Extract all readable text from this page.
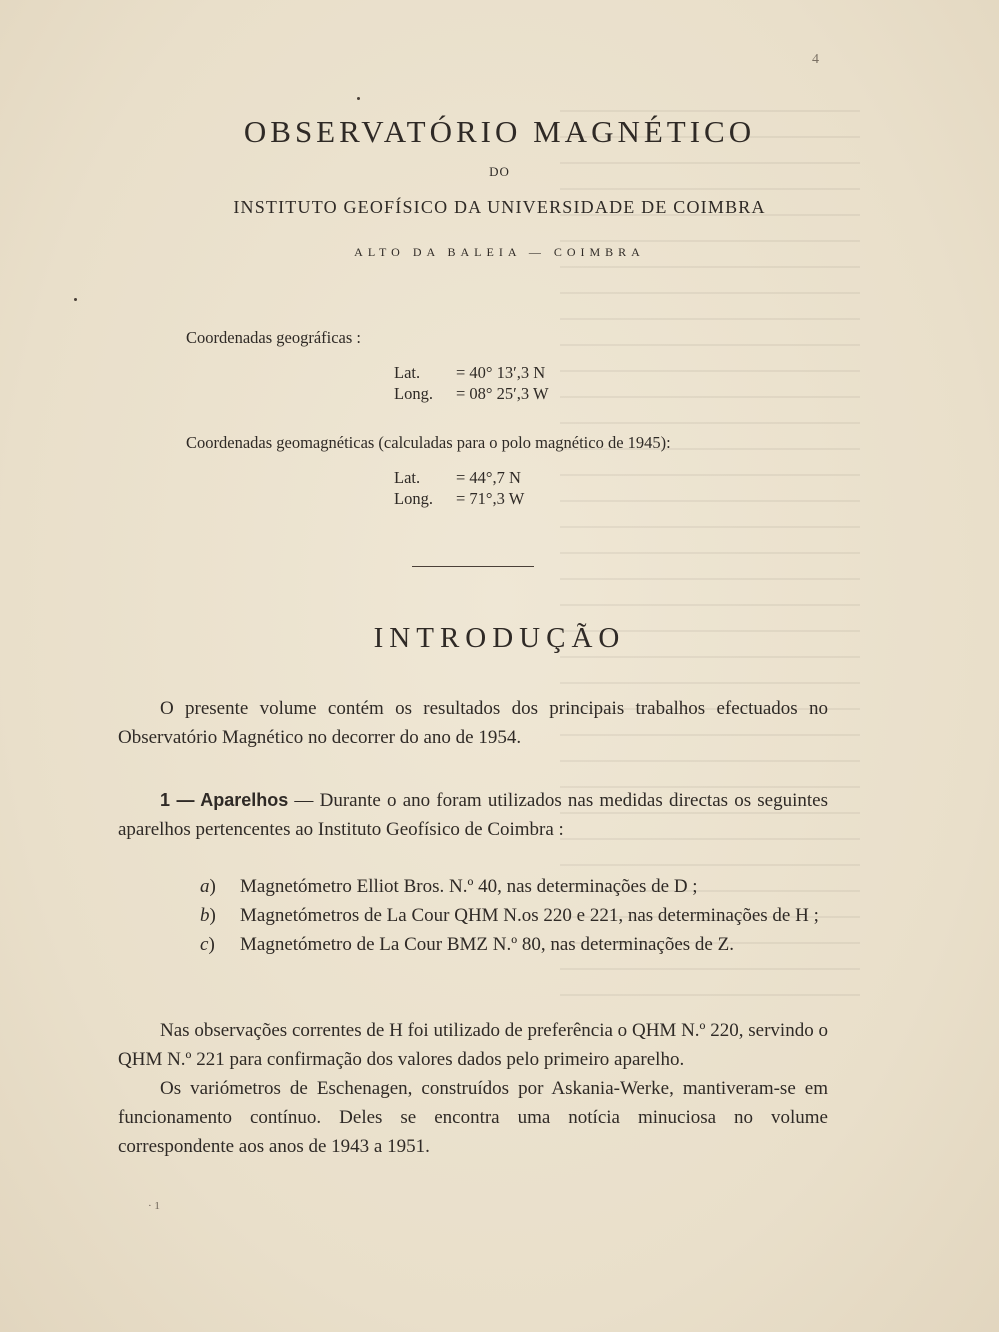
4
OBSERVATÓRIO MAGNÉTICO
DO
INSTITUTO GEOFÍSICO DA UNIVERSIDADE DE COIMBRA
ALTO DA BALEIA — COIMBRA
Coordenadas geográficas :
Lat. = 40° 13′,3 N
Long. = 08° 25′,3 W
Coordenadas geomagnéticas (calculadas para o polo magnético de 1945):
Lat. = 44°,7 N
Long. = 71°,3 W
INTRODUÇÃO

O presente volume contém os resultados dos principais trabalhos efectuados no Observatório Magnético no decorrer do ano de 1954.

1 — Aparelhos — Durante o ano foram utilizados nas medidas directas os seguintes aparelhos pertencentes ao Instituto Geofísico de Coimbra :

a)	Magnetómetro Elliot Bros. N.º 40, nas determinações de D ;
b)	Magnetómetros de La Cour QHM N.os 220 e 221, nas determinações de H ;
c)	Magnetómetro de La Cour BMZ N.º 80, nas determinações de Z.

Nas observações correntes de H foi utilizado de preferência o QHM N.º 220, servindo o QHM N.º 221 para confirmação dos valores dados pelo primeiro aparelho.

Os variómetros de Eschenagen, construídos por Askania-Werke, mantiveram-se em funcionamento contínuo. Deles se encontra uma notícia minuciosa no volume correspondente aos anos de 1943 a 1951.

· 1
